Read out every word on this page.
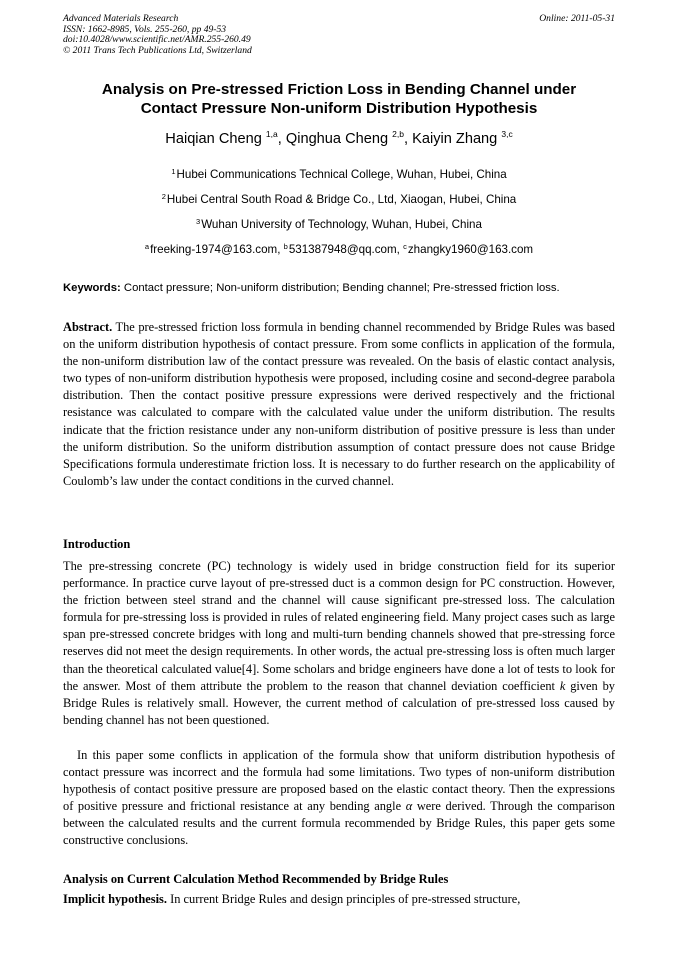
Advanced Materials Research
ISSN: 1662-8985, Vols. 255-260, pp 49-53
doi:10.4028/www.scientific.net/AMR.255-260.49
© 2011 Trans Tech Publications Ltd, Switzerland
Online: 2011-05-31
Analysis on Pre-stressed Friction Loss in Bending Channel under
Contact Pressure Non-uniform Distribution Hypothesis
Haiqian Cheng $^{1,a}$, Qinghua Cheng $^{2,b}$, Kaiyin Zhang $^{3,c}$
$^1$Hubei Communications Technical College, Wuhan, Hubei, China
$^2$Hubei Central South Road & Bridge Co., Ltd, Xiaogan, Hubei, China
$^3$Wuhan University of Technology, Wuhan, Hubei, China
$^a$freeking-1974@163.com, $^b$531387948@qq.com, $^c$zhangky1960@163.com
Keywords: Contact pressure; Non-uniform distribution; Bending channel; Pre-stressed friction loss.
Abstract. The pre-stressed friction loss formula in bending channel recommended by Bridge Rules was based on the uniform distribution hypothesis of contact pressure. From some conflicts in application of the formula, the non-uniform distribution law of the contact pressure was revealed. On the basis of elastic contact analysis, two types of non-uniform distribution hypothesis were proposed, including cosine and second-degree parabola distribution. Then the contact positive pressure expressions were derived respectively and the frictional resistance was calculated to compare with the calculated value under the uniform distribution. The results indicate that the friction resistance under any non-uniform distribution of positive pressure is less than under the uniform distribution. So the uniform distribution assumption of contact pressure does not cause Bridge Specifications formula underestimate friction loss. It is necessary to do further research on the applicability of Coulomb’s law under the contact conditions in the curved channel.
Introduction
The pre-stressing concrete (PC) technology is widely used in bridge construction field for its superior performance. In practice curve layout of pre-stressed duct is a common design for PC construction. However, the friction between steel strand and the channel will cause significant pre-stressed loss. The calculation formula for pre-stressing loss is provided in rules of related engineering field. Many project cases such as large span pre-stressed concrete bridges with long and multi-turn bending channels showed that pre-stressing force reserves did not meet the design requirements. In other words, the actual pre-stressing loss is often much larger than the theoretical calculated value[4]. Some scholars and bridge engineers have done a lot of tests to look for the answer. Most of them attribute the problem to the reason that channel deviation coefficient k given by Bridge Rules is relatively small. However, the current method of calculation of pre-stressed loss caused by bending channel has not been questioned.
In this paper some conflicts in application of the formula show that uniform distribution hypothesis of contact pressure was incorrect and the formula had some limitations. Two types of non-uniform distribution hypothesis of contact positive pressure are proposed based on the elastic contact theory. Then the expressions of positive pressure and frictional resistance at any bending angle α were derived. Through the comparison between the calculated results and the current formula recommended by Bridge Rules, this paper gets some constructive conclusions.
Analysis on Current Calculation Method Recommended by Bridge Rules
Implicit hypothesis. In current Bridge Rules and design principles of pre-stressed structure,
